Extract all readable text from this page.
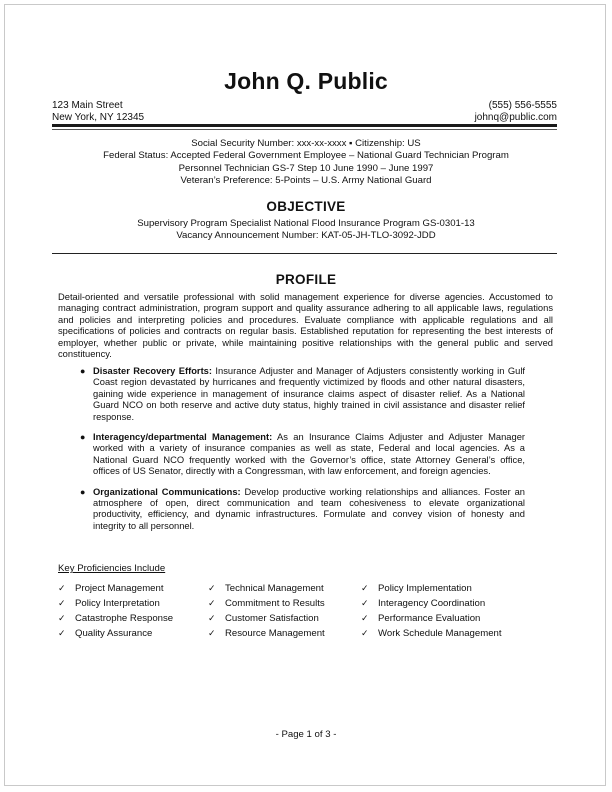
John Q. Public
123 Main Street
New York, NY 12345
(555) 556-5555
johnq@public.com
Social Security Number: xxx-xx-xxxx ▪ Citizenship: US
Federal Status: Accepted Federal Government Employee – National Guard Technician Program
Personnel Technician GS-7 Step 10 June 1990 – June 1997
Veteran’s Preference: 5-Points – U.S. Army National Guard
OBJECTIVE
Supervisory Program Specialist National Flood Insurance Program GS-0301-13
Vacancy Announcement Number: KAT-05-JH-TLO-3092-JDD
PROFILE
Detail-oriented and versatile professional with solid management experience for diverse agencies. Accustomed to managing contract administration, program support and quality assurance adhering to all applicable laws, regulations and policies and interpreting policies and procedures. Evaluate compliance with applicable regulations and all specifications of policies and contracts on regular basis. Established reputation for representing the best interests of employer, whether public or private, while maintaining positive relationships with the general public and served constituency.
● Disaster Recovery Efforts: Insurance Adjuster and Manager of Adjusters consistently working in Gulf Coast region devastated by hurricanes and frequently victimized by floods and other natural disasters, gaining wide experience in management of insurance claims aspect of disaster relief. As a National Guard NCO on both reserve and active duty status, highly trained in civil assistance and disaster relief response.
● Interagency/departmental Management: As an Insurance Claims Adjuster and Adjuster Manager worked with a variety of insurance companies as well as state, Federal and local agencies. As a National Guard NCO frequently worked with the Governor’s office, state Attorney General’s office, offices of US Senator, directly with a Congressman, with law enforcement, and foreign agencies.
● Organizational Communications: Develop productive working relationships and alliances. Foster an atmosphere of open, direct communication and team cohesiveness to elevate organizational productivity, efficiency, and dynamic infrastructures. Formulate and convey vision of honesty and integrity to all personnel.
Key Proficiencies Include
✓ Project Management
✓ Policy Interpretation
✓ Catastrophe Response
✓ Quality Assurance
✓ Technical Management
✓ Commitment to Results
✓ Customer Satisfaction
✓ Resource Management
✓ Policy Implementation
✓ Interagency Coordination
✓ Performance Evaluation
✓ Work Schedule Management
- Page 1 of 3 -
